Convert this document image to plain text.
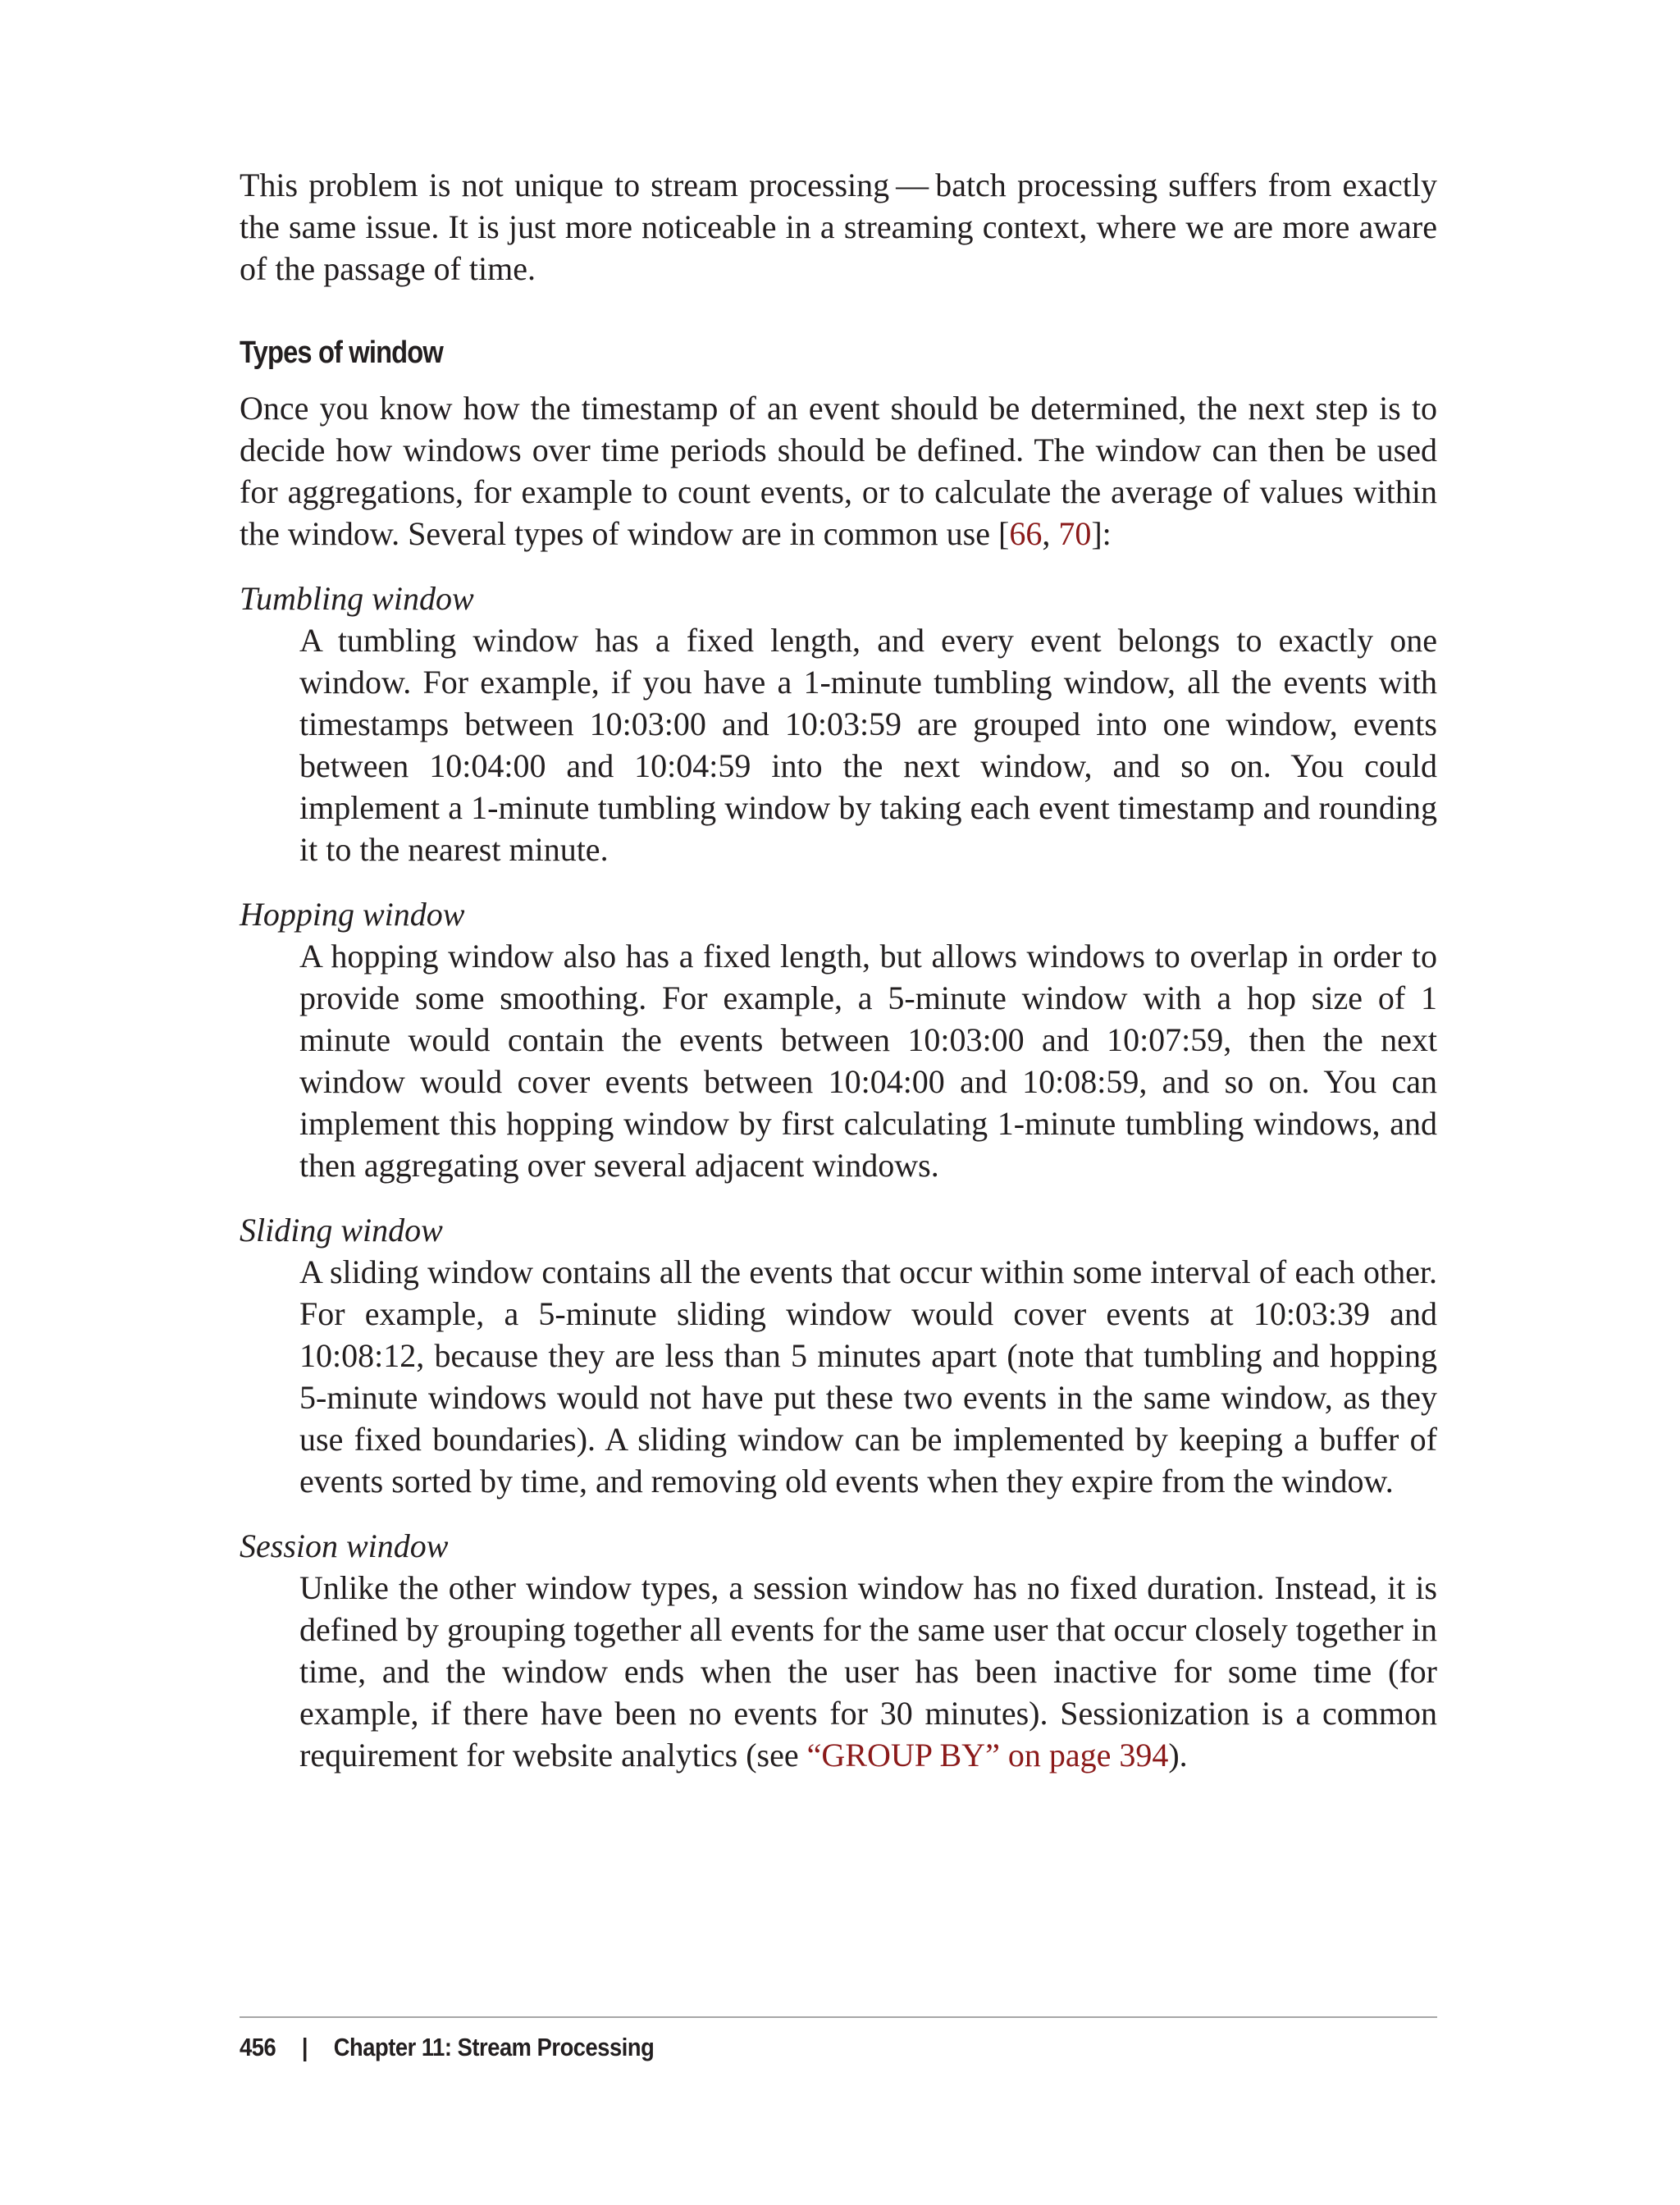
This problem is not unique to stream processing — batch processing suffers from exactly the same issue. It is just more noticeable in a streaming context, where we are more aware of the passage of time.

Types of window

Once you know how the timestamp of an event should be determined, the next step is to decide how windows over time periods should be defined. The window can then be used for aggregations, for example to count events, or to calculate the average of values within the window. Several types of window are in common use [66, 70]:

Tumbling window

A tumbling window has a fixed length, and every event belongs to exactly one window. For example, if you have a 1-minute tumbling window, all the events with timestamps between 10:03:00 and 10:03:59 are grouped into one window, events between 10:04:00 and 10:04:59 into the next window, and so on. You could implement a 1-minute tumbling window by taking each event timestamp and rounding it to the nearest minute.

Hopping window

A hopping window also has a fixed length, but allows windows to overlap in order to provide some smoothing. For example, a 5-minute window with a hop size of 1 minute would contain the events between 10:03:00 and 10:07:59, then the next window would cover events between 10:04:00 and 10:08:59, and so on. You can implement this hopping window by first calculating 1-minute tumbling windows, and then aggregating over several adjacent windows.

Sliding window

A sliding window contains all the events that occur within some interval of each other. For example, a 5-minute sliding window would cover events at 10:03:39 and 10:08:12, because they are less than 5 minutes apart (note that tumbling and hopping 5-minute windows would not have put these two events in the same window, as they use fixed boundaries). A sliding window can be implemented by keeping a buffer of events sorted by time, and removing old events when they expire from the window.

Session window

Unlike the other window types, a session window has no fixed duration. Instead, it is defined by grouping together all events for the same user that occur closely together in time, and the window ends when the user has been inactive for some time (for example, if there have been no events for 30 minutes). Sessionization is a common requirement for website analytics (see “GROUP BY” on page 394).

456 | Chapter 11: Stream Processing
